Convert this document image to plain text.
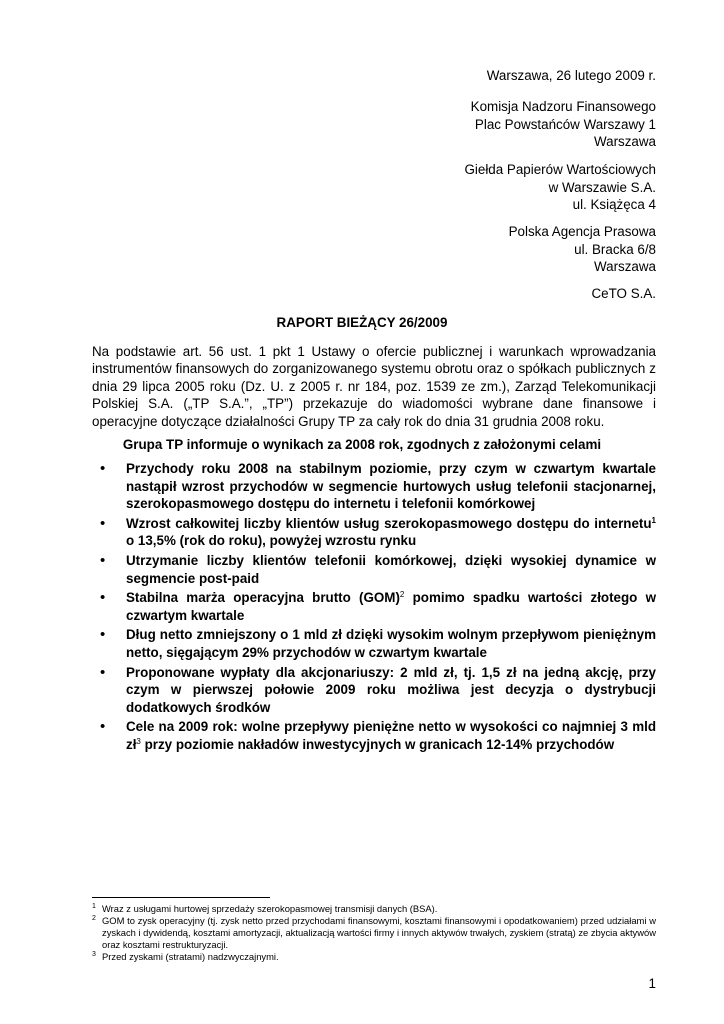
Warszawa, 26 lutego 2009 r.
Komisja Nadzoru Finansowego
Plac Powstańców Warszawy 1
Warszawa
Giełda Papierów Wartościowych
w Warszawie S.A.
ul. Książęca 4
Polska Agencja Prasowa
ul. Bracka 6/8
Warszawa
CeTO S.A.
RAPORT BIEŻĄCY 26/2009
Na podstawie art. 56 ust. 1 pkt 1 Ustawy o ofercie publicznej i warunkach wprowadzania instrumentów finansowych do zorganizowanego systemu obrotu oraz o spółkach publicznych z dnia 29 lipca 2005 roku (Dz. U. z 2005 r. nr 184, poz. 1539 ze zm.), Zarząd Telekomunikacji Polskiej S.A. („TP S.A.”, „TP”) przekazuje do wiadomości wybrane dane finansowe i operacyjne dotyczące działalności Grupy TP za cały rok do dnia 31 grudnia 2008 roku.
Grupa TP informuje o wynikach za 2008 rok, zgodnych z założonymi celami
• Przychody roku 2008 na stabilnym poziomie, przy czym w czwartym kwartale nastąpił wzrost przychodów w segmencie hurtowych usług telefonii stacjonarnej, szerokopasmowego dostępu do internetu i telefonii komórkowej
• Wzrost całkowitej liczby klientów usług szerokopasmowego dostępu do internetu$^1$ o 13,5% (rok do roku), powyżej wzrostu rynku
• Utrzymanie liczby klientów telefonii komórkowej, dzięki wysokiej dynamice w segmencie post-paid
• Stabilna marża operacyjna brutto (GOM)$^2$ pomimo spadku wartości złotego w czwartym kwartale
• Dług netto zmniejszony o 1 mld zł dzięki wysokim wolnym przepływom pieniężnym netto, sięgającym 29% przychodów w czwartym kwartale
• Proponowane wypłaty dla akcjonariuszy: 2 mld zł, tj. 1,5 zł na jedną akcję, przy czym w pierwszej połowie 2009 roku możliwa jest decyzja o dystrybucji dodatkowych środków
• Cele na 2009 rok: wolne przepływy pieniężne netto w wysokości co najmniej 3 mld $zł^3$ przy poziomie nakładów inwestycyjnych w granicach 12-14% przychodów
1 Wraz z usługami hurtowej sprzedaży szerokopasmowej transmisji danych (BSA).
2 GOM to zysk operacyjny (tj. zysk netto przed przychodami finansowymi, kosztami finansowymi i opodatkowaniem) przed udziałami w zyskach i dywidendą, kosztami amortyzacji, aktualizacją wartości firmy i innych aktywów trwałych, zyskiem (stratą) ze zbycia aktywów oraz kosztami restrukturyzacji.
3 Przed zyskami (stratami) nadzwyczajnymi.
1
